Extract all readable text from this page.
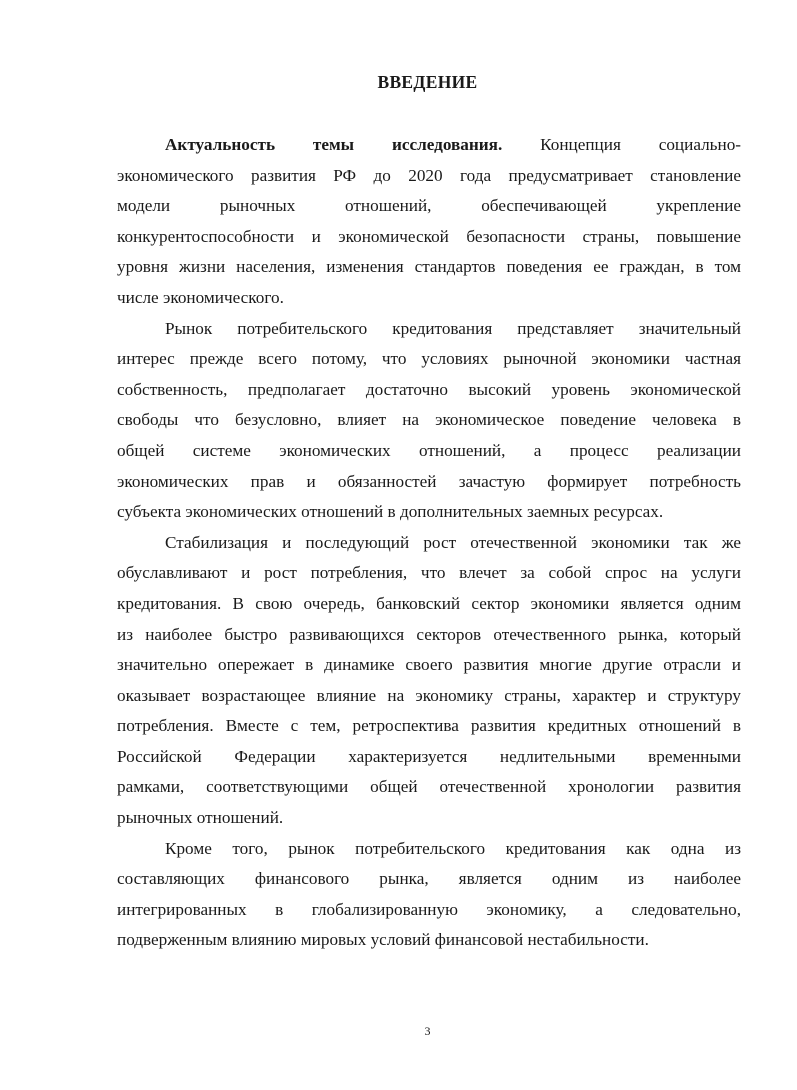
ВВЕДЕНИЕ
Актуальность темы исследования. Концепция социально-
экономического развития РФ до 2020 года предусматривает становление
модели рыночных отношений, обеспечивающей укрепление
конкурентоспособности и экономической безопасности страны, повышение
уровня жизни населения, изменения стандартов поведения ее граждан, в том
числе экономического.
Рынок потребительского кредитования представляет значительный
интерес прежде всего потому, что условиях рыночной экономики частная
собственность, предполагает достаточно высокий уровень экономической
свободы что безусловно, влияет на экономическое поведение человека в
общей системе экономических отношений, а процесс реализации
экономических прав и обязанностей зачастую формирует потребность
субъекта экономических отношений в дополнительных заемных ресурсах.
Стабилизация и последующий рост отечественной экономики так же
обуславливают и рост потребления, что влечет за собой спрос на услуги
кредитования. В свою очередь, банковский сектор экономики является одним
из наиболее быстро развивающихся секторов отечественного рынка, который
значительно опережает в динамике своего развития многие другие отрасли и
оказывает возрастающее влияние на экономику страны, характер и структуру
потребления. Вместе с тем, ретроспектива развития кредитных отношений в
Российской Федерации характеризуется недлительными временными
рамками, соответствующими общей отечественной хронологии развития
рыночных отношений.
Кроме того, рынок потребительского кредитования как одна из
составляющих финансового рынка, является одним из наиболее
интегрированных в глобализированную экономику, а следовательно,
подверженным влиянию мировых условий финансовой нестабильности.
3
